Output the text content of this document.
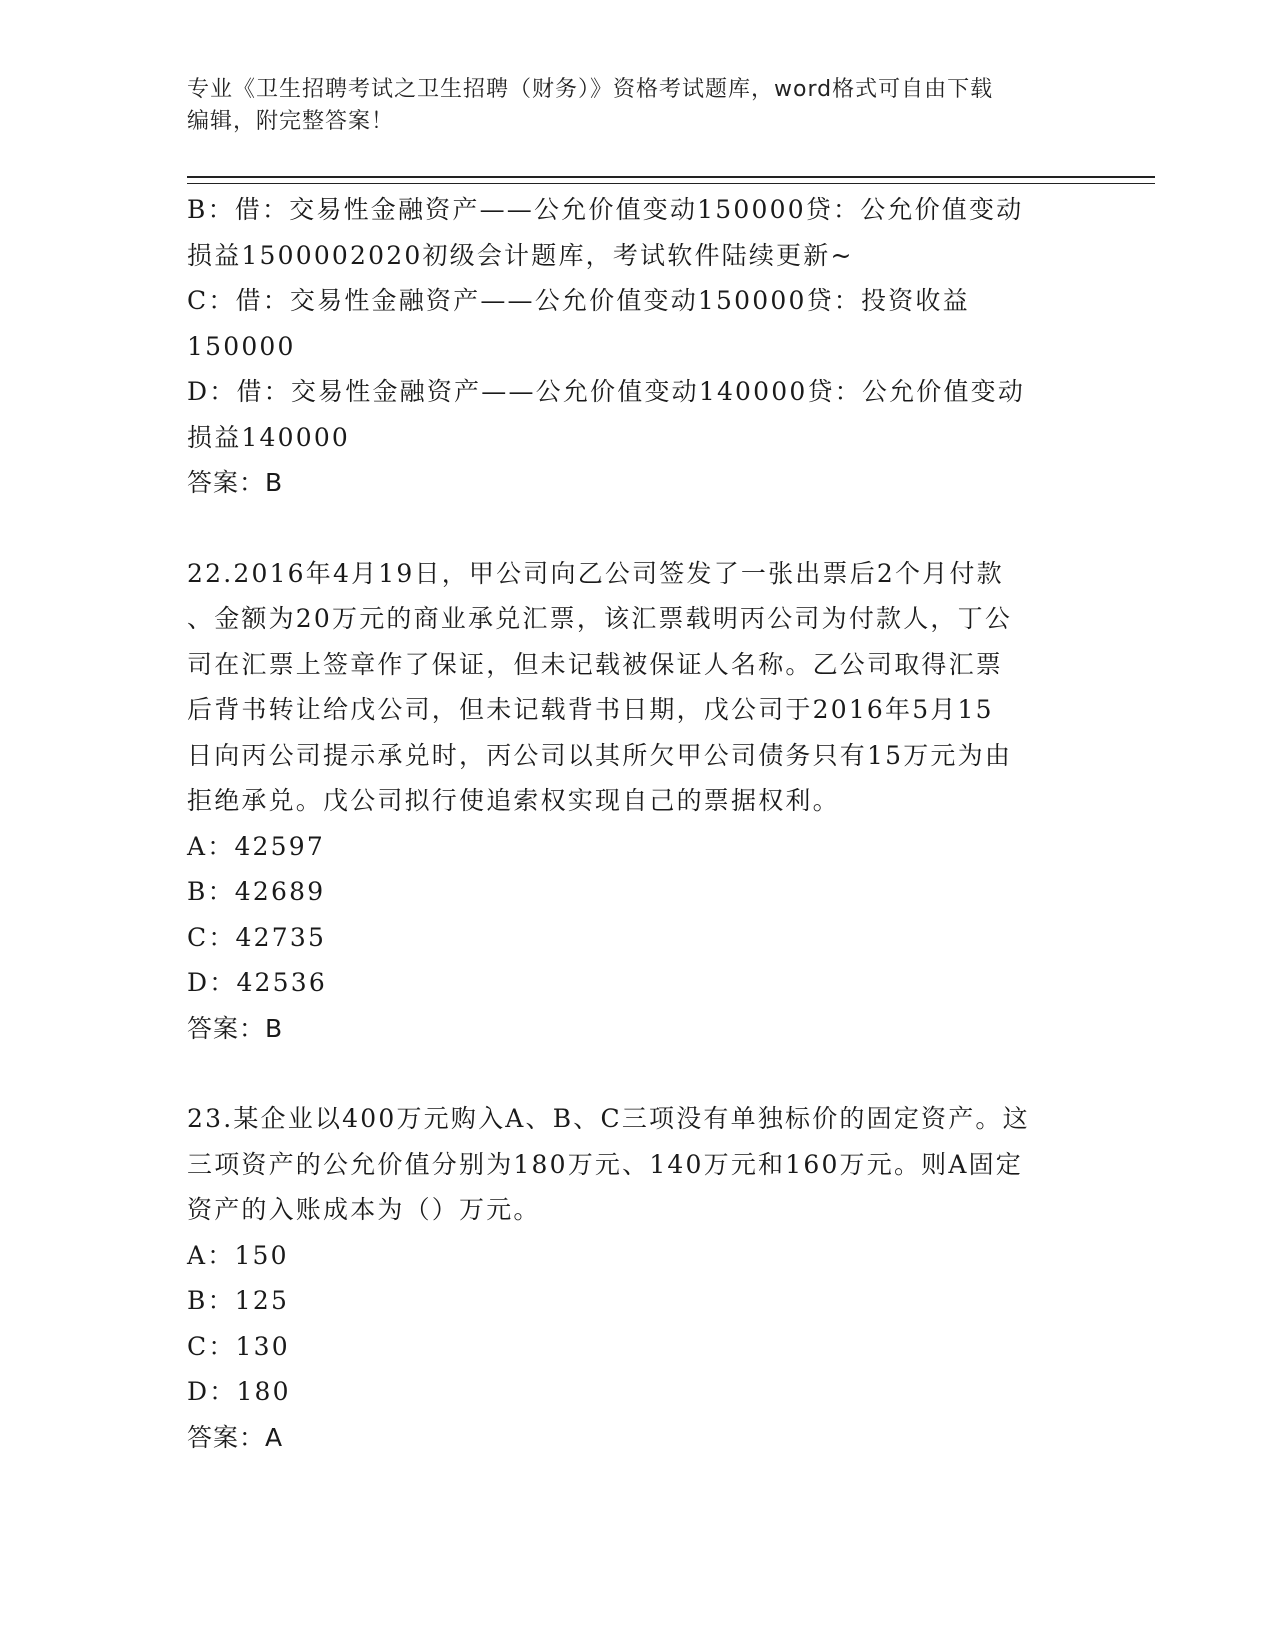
专业《卫生招聘考试之卫生招聘（财务）》资格考试题库，word格式可自由下载
编辑，附完整答案！
B：借：交易性金融资产——公允价值变动150000贷：公允价值变动
损益1500002020初级会计题库，考试软件陆续更新~
C：借：交易性金融资产——公允价值变动150000贷：投资收益
150000
D：借：交易性金融资产——公允价值变动140000贷：公允价值变动
损益140000
答案：B
22.2016年4月19日，甲公司向乙公司签发了一张出票后2个月付款
、金额为20万元的商业承兑汇票，该汇票载明丙公司为付款人，丁公
司在汇票上签章作了保证，但未记载被保证人名称。乙公司取得汇票
后背书转让给戊公司，但未记载背书日期，戊公司于2016年5月15
日向丙公司提示承兑时，丙公司以其所欠甲公司债务只有15万元为由
拒绝承兑。戊公司拟行使追索权实现自己的票据权利。
A：42597
B：42689
C：42735
D：42536
答案：B
23.某企业以400万元购入A、B、C三项没有单独标价的固定资产。这
三项资产的公允价值分别为180万元、140万元和160万元。则A固定
资产的入账成本为（）万元。
A：150
B：125
C：130
D：180
答案：A
